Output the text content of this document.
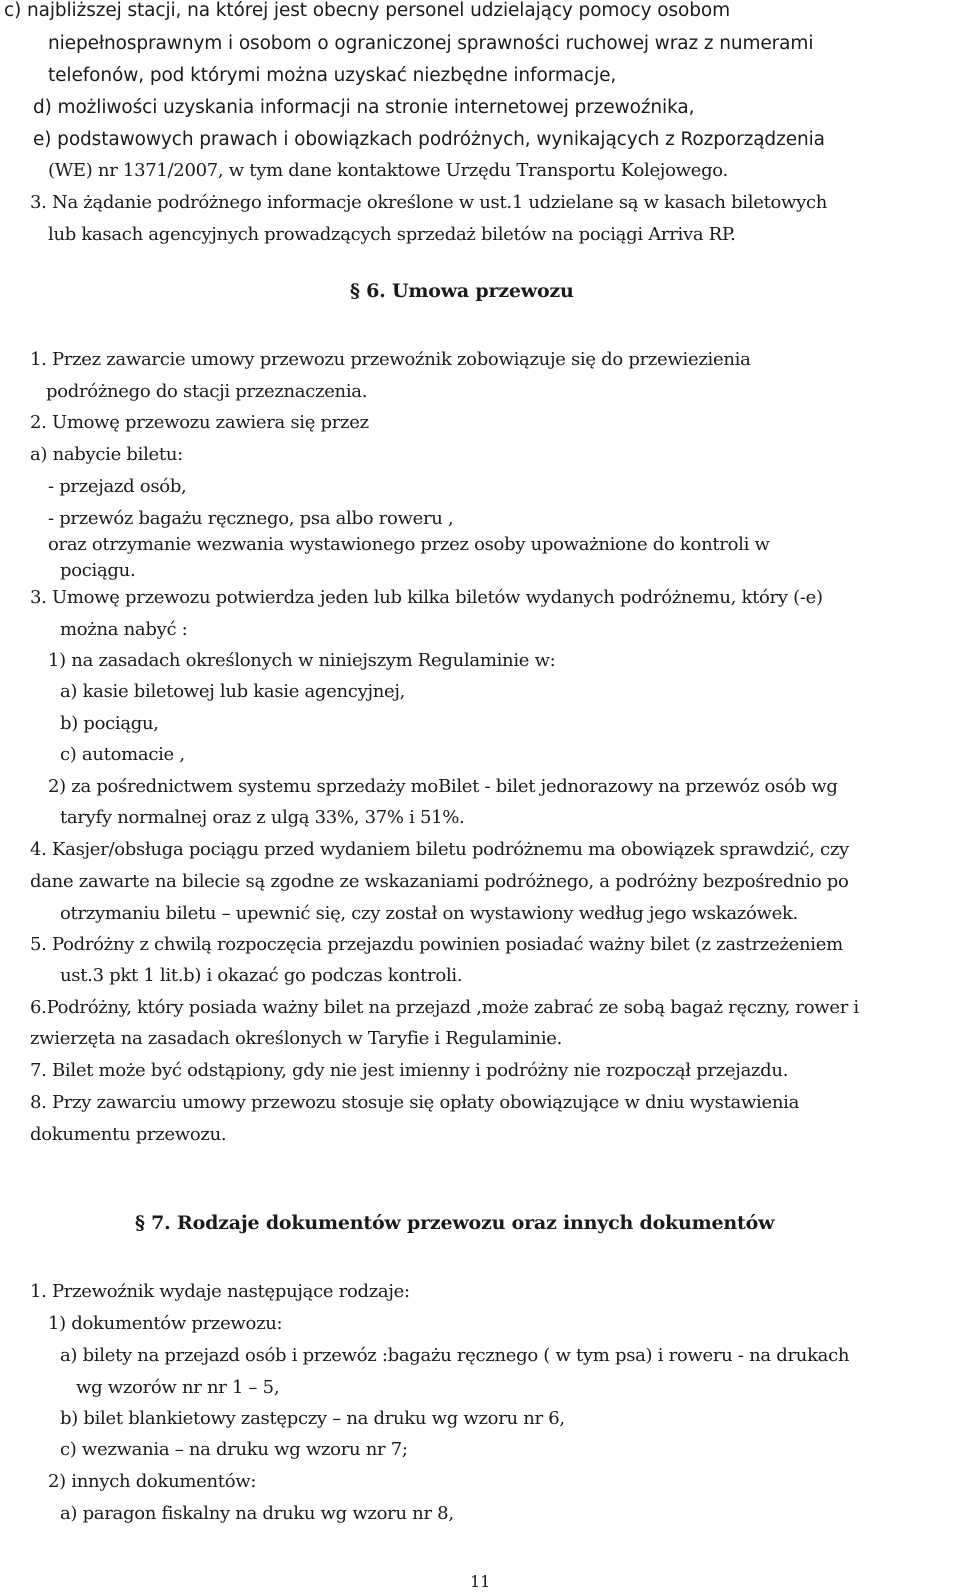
c) najbliższej stacji, na której jest obecny personel udzielający pomocy osobom

niepełnosprawnym i osobom o ograniczonej sprawności ruchowej wraz z numerami

telefonów, pod którymi można uzyskać niezbędne informacje,

d) możliwości uzyskania informacji na stronie internetowej przewoźnika,

e) podstawowych prawach i obowiązkach podróżnych, wynikających z Rozporządzenia

(WE) nr 1371/2007, w tym dane kontaktowe Urzędu Transportu Kolejowego.

3. Na żądanie podróżnego informacje określone w ust.1 udzielane są w kasach biletowych

lub kasach agencyjnych prowadzących sprzedaż biletów na pociągi Arriva RP.

§ 6. Umowa przewozu

1. Przez zawarcie umowy przewozu przewoźnik zobowiązuje się do przewiezienia

podróżnego do stacji przeznaczenia.

2. Umowę przewozu zawiera się przez

a) nabycie biletu:

- przejazd osób,

- przewóz bagażu ręcznego, psa albo roweru ,

oraz otrzymanie wezwania wystawionego przez osoby upoważnione do kontroli w

pociągu.

3. Umowę przewozu potwierdza jeden lub kilka biletów wydanych podróżnemu, który (-e)

można nabyć :

1) na zasadach określonych w niniejszym Regulaminie w:

a) kasie biletowej lub kasie agencyjnej,

b) pociągu,

c) automacie ,

2) za pośrednictwem systemu sprzedaży moBilet - bilet jednorazowy na przewóz osób wg

taryfy normalnej oraz z ulgą 33%, 37% i 51%.

4. Kasjer/obsługa pociągu przed wydaniem biletu podróżnemu ma obowiązek sprawdzić, czy

dane zawarte na bilecie są zgodne ze wskazaniami podróżnego, a podróżny bezpośrednio po

otrzymaniu biletu – upewnić się, czy został on wystawiony według jego wskazówek.

5. Podróżny z chwilą rozpoczęcia przejazdu powinien posiadać ważny bilet (z zastrzeżeniem

ust.3 pkt 1 lit.b) i okazać go podczas kontroli.

6.Podróżny, który posiada ważny bilet na przejazd ,może zabrać ze sobą bagaż ręczny, rower i

zwierzęta na zasadach określonych w Taryfie i Regulaminie.

7. Bilet może być odstąpiony, gdy nie jest imienny i podróżny nie rozpoczął przejazdu.

8. Przy zawarciu umowy przewozu stosuje się opłaty obowiązujące w dniu wystawienia

dokumentu przewozu.

§ 7. Rodzaje dokumentów przewozu oraz innych dokumentów

1. Przewoźnik wydaje następujące rodzaje:

1) dokumentów przewozu:

a) bilety na przejazd osób i przewóz :bagażu ręcznego ( w tym psa) i roweru - na drukach

wg wzorów nr nr 1 – 5,

b) bilet blankietowy zastępczy – na druku wg wzoru nr 6,

c) wezwania – na druku wg wzoru nr 7;

2) innych dokumentów:

a) paragon fiskalny na druku wg wzoru nr 8,

11
